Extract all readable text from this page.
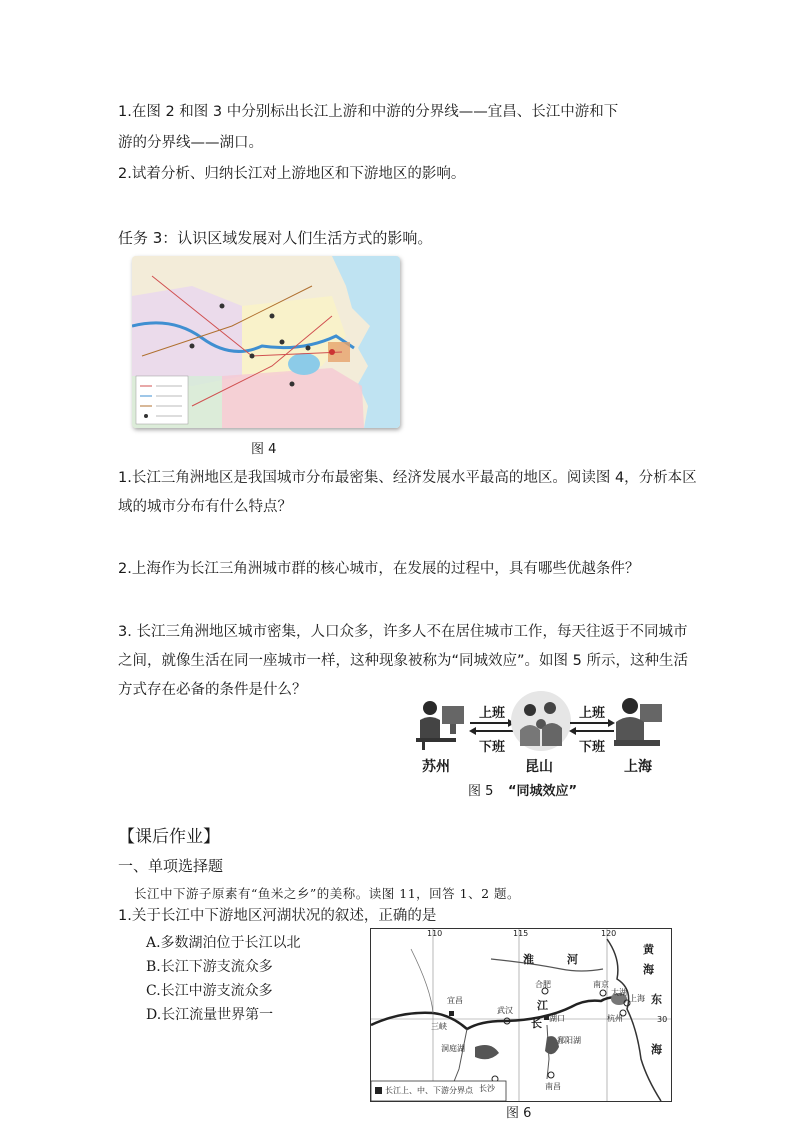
1.在图 2 和图 3 中分别标出长江上游和中游的分界线——宜昌、长江中游和下
游的分界线——湖口。
2.试着分析、归纳长江对上游地区和下游地区的影响。
任务 3：认识区域发展对人们生活方式的影响。
图 4
1.长江三角洲地区是我国城市分布最密集、经济发展水平最高的地区。阅读图 4，分析本区
域的城市分布有什么特点？
2.上海作为长江三角洲城市群的核心城市，在发展的过程中，具有哪些优越条件？
3. 长江三角洲地区城市密集，人口众多，许多人不在居住城市工作，每天往返于不同城市
之间，就像生活在同一座城市一样，这种现象被称为“同城效应”。如图 5 所示，这种生活
方式存在必备的条件是什么？
上班
下班
上班
下班
苏州	昆山	上海
图 5 “同城效应”
【课后作业】
一、单项选择题
长江中下游子原素有“鱼米之乡”的美称。读图 11，回答 1、2 题。
1.关于长江中下游地区河湖状况的叙述，正确的是
A.多数湖泊位于长江以北
B.长江下游支流众多
C.长江中游支流众多
D.长江流量世界第一
110	115	120
30
淮	河
江
长
黄
海
东
海
宜昌
三峡
武汉
合肥	南京
太湖
上海
杭州
湖口
鄱阳湖
洞庭湖
长沙	南昌
长江上、中、下游分界点
图 6
